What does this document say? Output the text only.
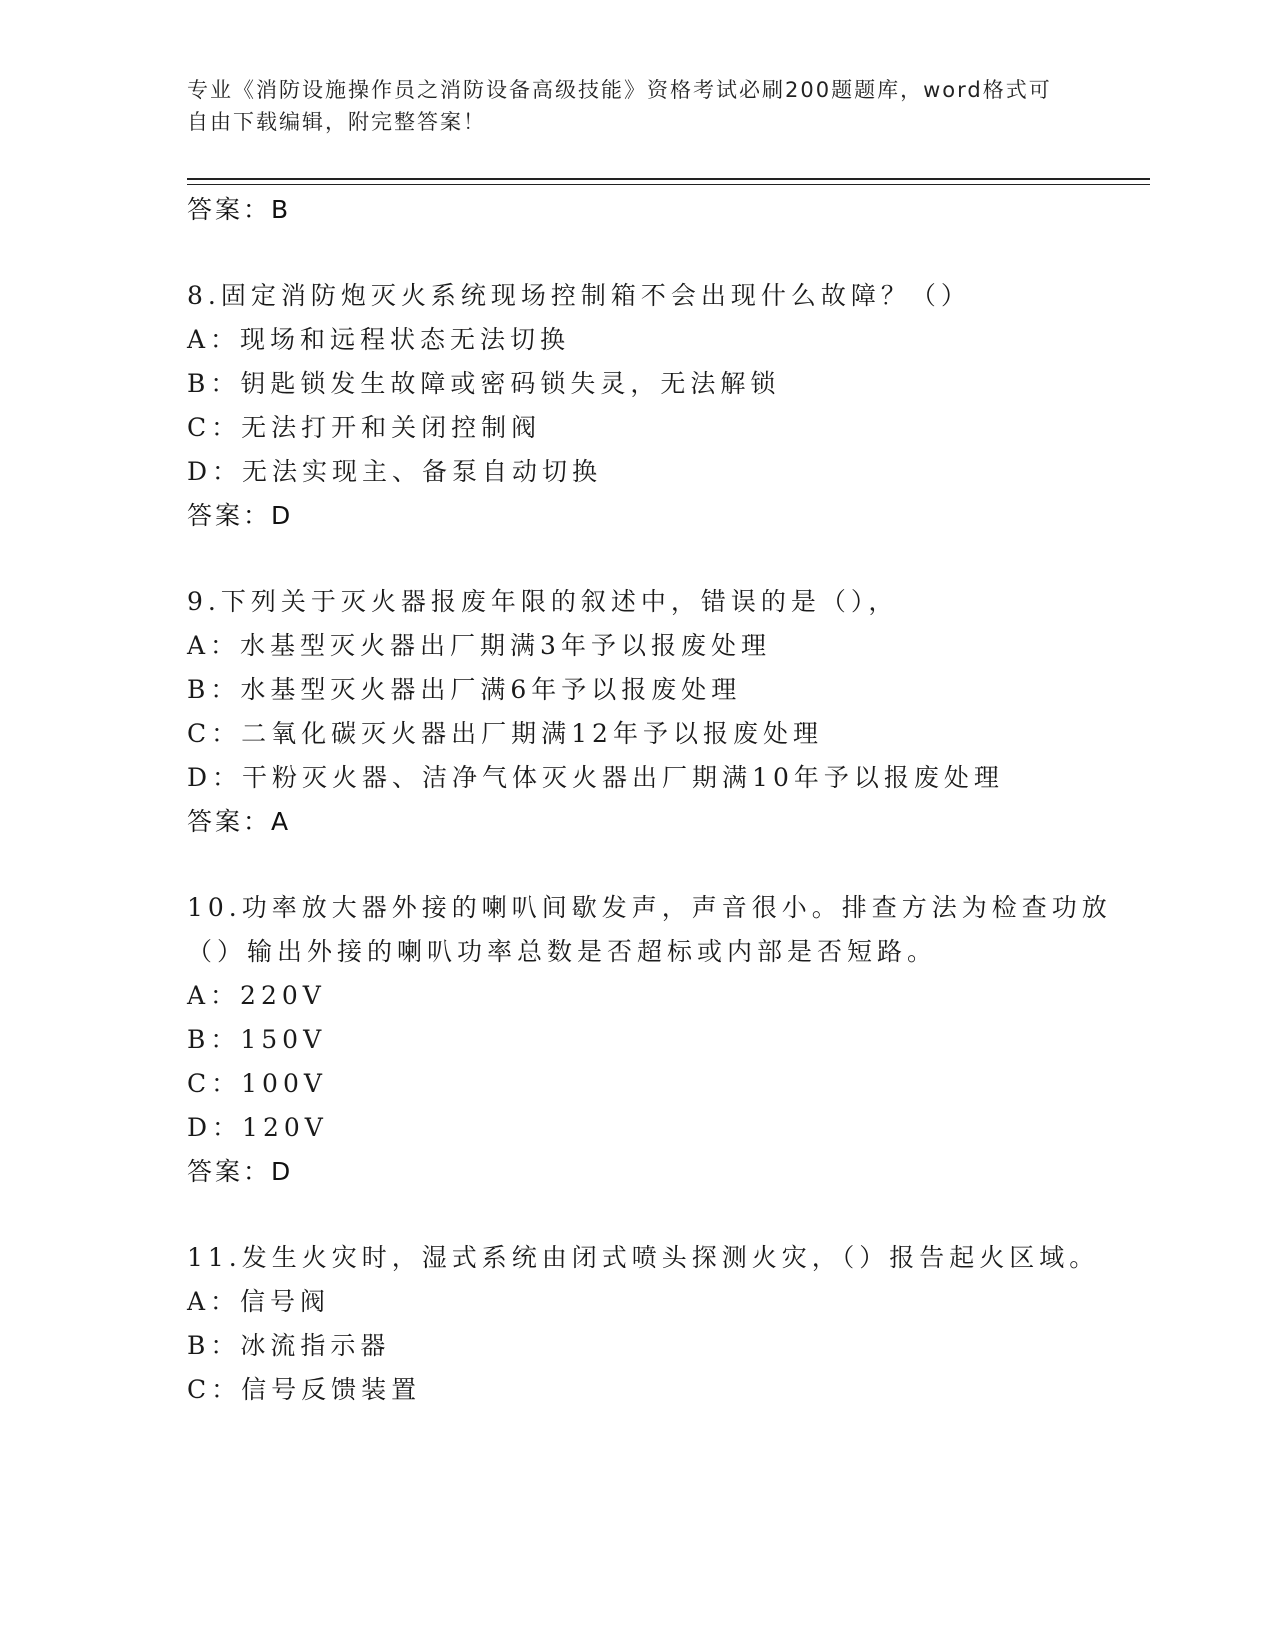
专业《消防设施操作员之消防设备高级技能》资格考试必刷200题题库，word格式可自由下载编辑，附完整答案！
答案：B
8.固定消防炮灭火系统现场控制箱不会出现什么故障？（）
A：现场和远程状态无法切换
B：钥匙锁发生故障或密码锁失灵，无法解锁
C：无法打开和关闭控制阀
D：无法实现主、备泵自动切换
答案：D
9.下列关于灭火器报废年限的叙述中，错误的是（），
A：水基型灭火器出厂期满3年予以报废处理
B：水基型灭火器出厂满6年予以报废处理
C：二氧化碳灭火器出厂期满12年予以报废处理
D：干粉灭火器、洁净气体灭火器出厂期满10年予以报废处理
答案：A
10.功率放大器外接的喇叭间歇发声，声音很小。排查方法为检查功放
（）输出外接的喇叭功率总数是否超标或内部是否短路。
A：220V
B：150V
C：100V
D：120V
答案：D
11.发生火灾时，湿式系统由闭式喷头探测火灾，（）报告起火区域。
A：信号阀
B：冰流指示器
C：信号反馈装置
